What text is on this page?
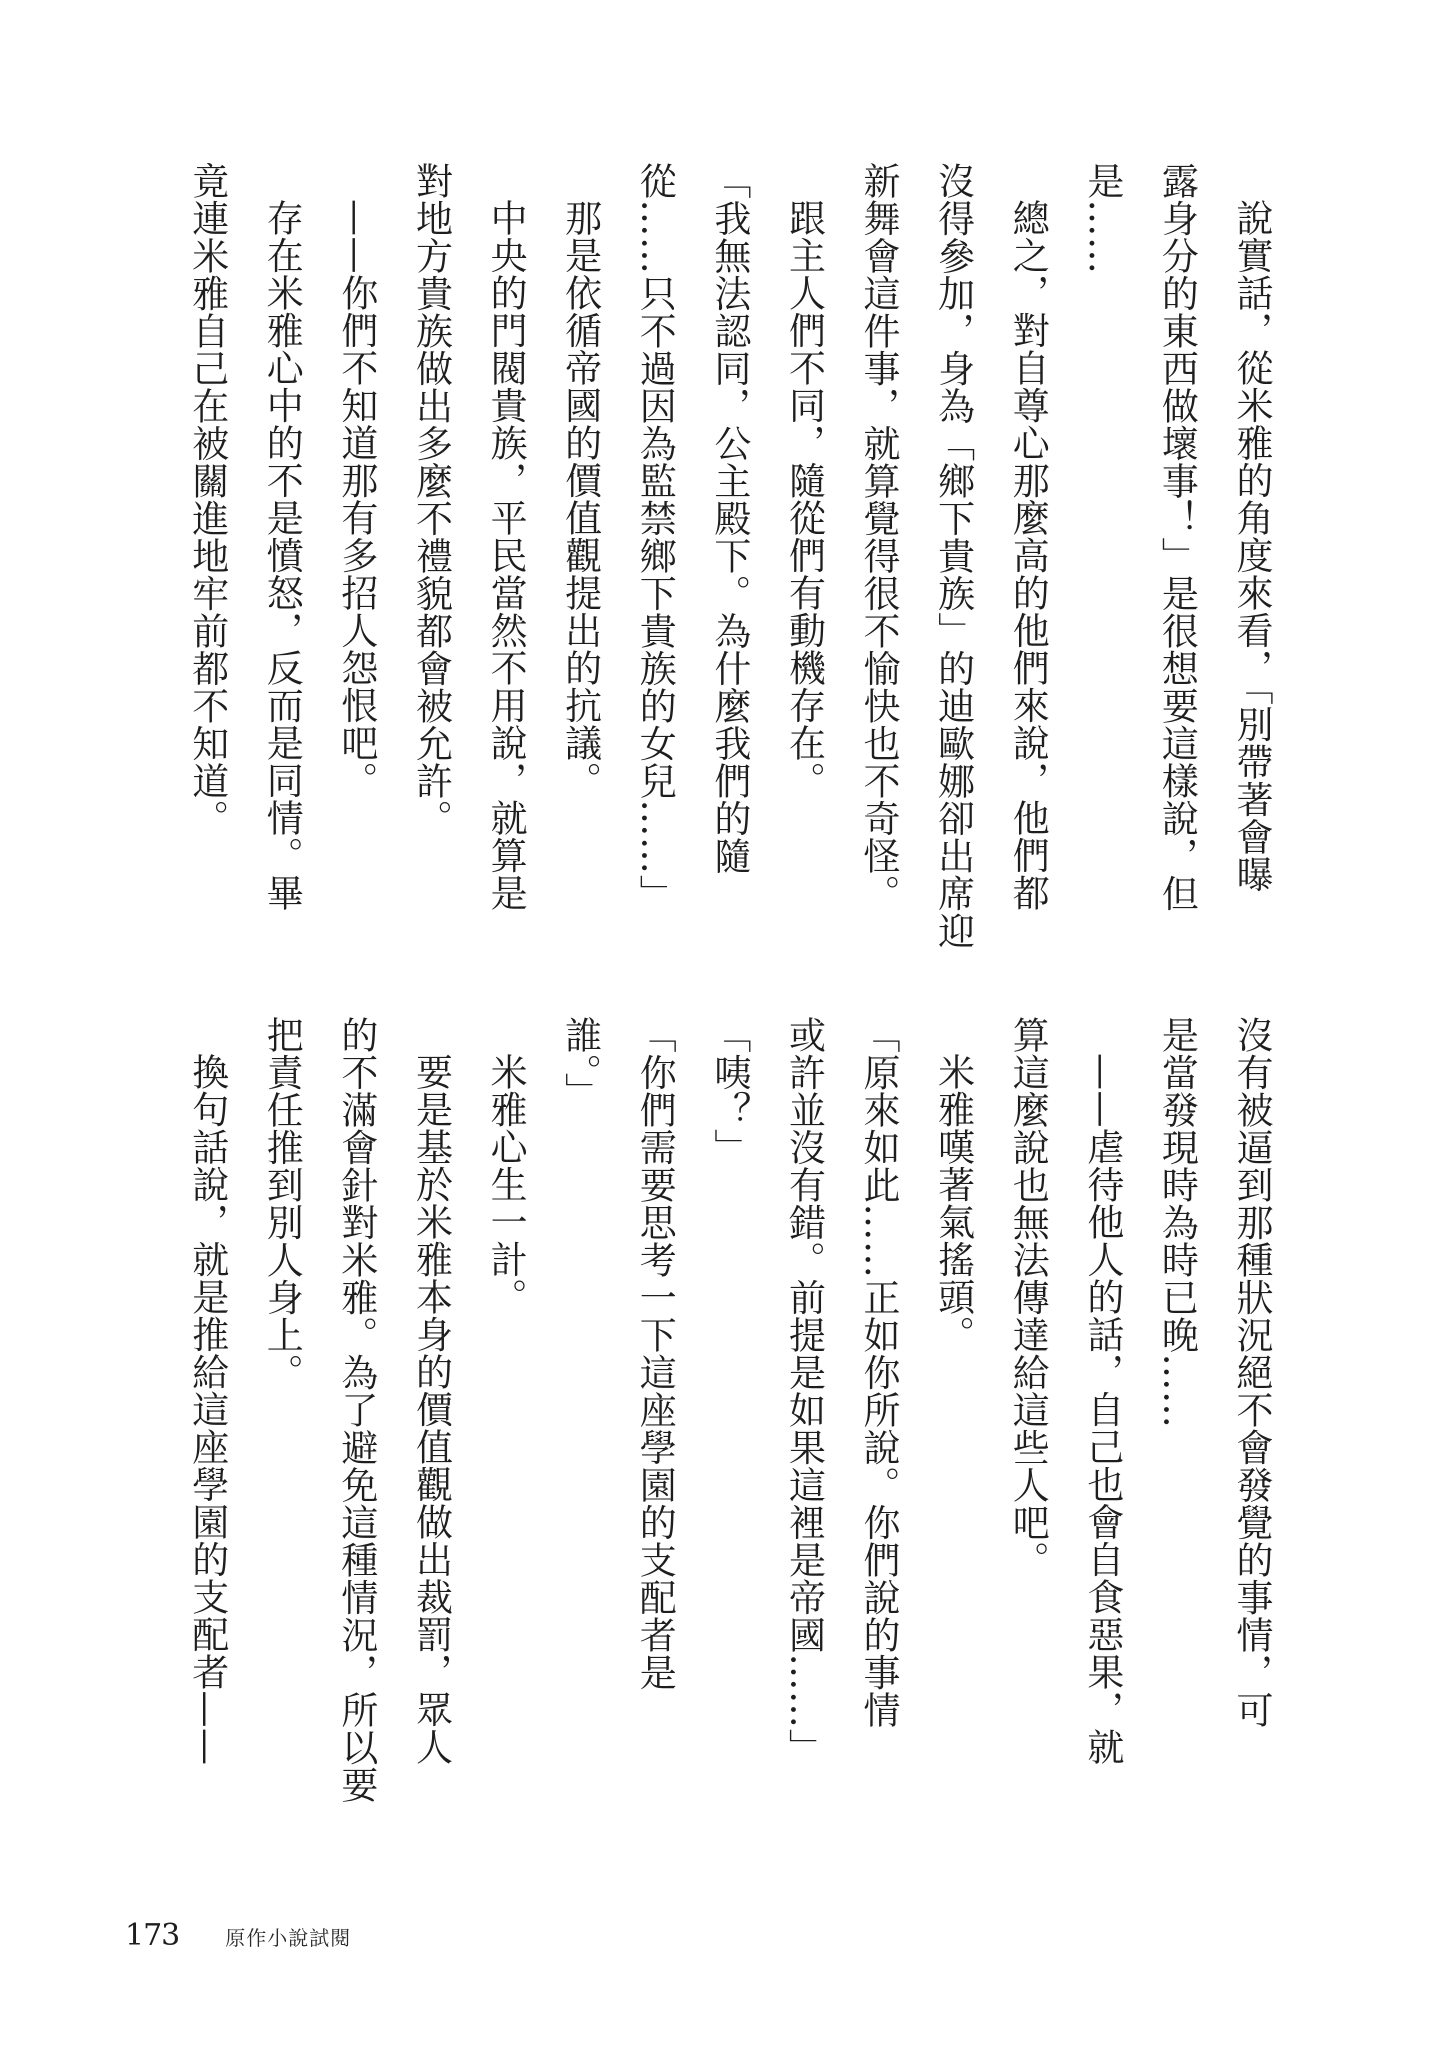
說實話，從米雅的角度來看，「別帶著會曝
露身分的東西做壞事！」是很想要這樣說，但
是……
總之，對自尊心那麼高的他們來說，他們都
沒得參加，身為「鄉下貴族」的迪歐娜卻出席迎
新舞會這件事，就算覺得很不愉快也不奇怪。
跟主人們不同，隨從們有動機存在。
「我無法認同，公主殿下。為什麼我們的隨
從……只不過因為監禁鄉下貴族的女兒……」
那是依循帝國的價值觀提出的抗議。
中央的門閥貴族，平民當然不用說，就算是
對地方貴族做出多麼不禮貌都會被允許。
——你們不知道那有多招人怨恨吧。
存在米雅心中的不是憤怒，反而是同情。畢
竟連米雅自己在被關進地牢前都不知道。
沒有被逼到那種狀況絕不會發覺的事情，可
是當發現時為時已晚……
——虐待他人的話，自己也會自食惡果，就
算這麼說也無法傳達給這些人吧。
米雅嘆著氣搖頭。
「原來如此……正如你所說。你們說的事情
或許並沒有錯。前提是如果這裡是帝國……」
「咦？」
「你們需要思考一下這座學園的支配者是
誰。」
米雅心生一計。
要是基於米雅本身的價值觀做出裁罰，眾人
的不滿會針對米雅。為了避免這種情況，所以要
把責任推到別人身上。
換句話說，就是推給這座學園的支配者——
173 原作小說試閱
